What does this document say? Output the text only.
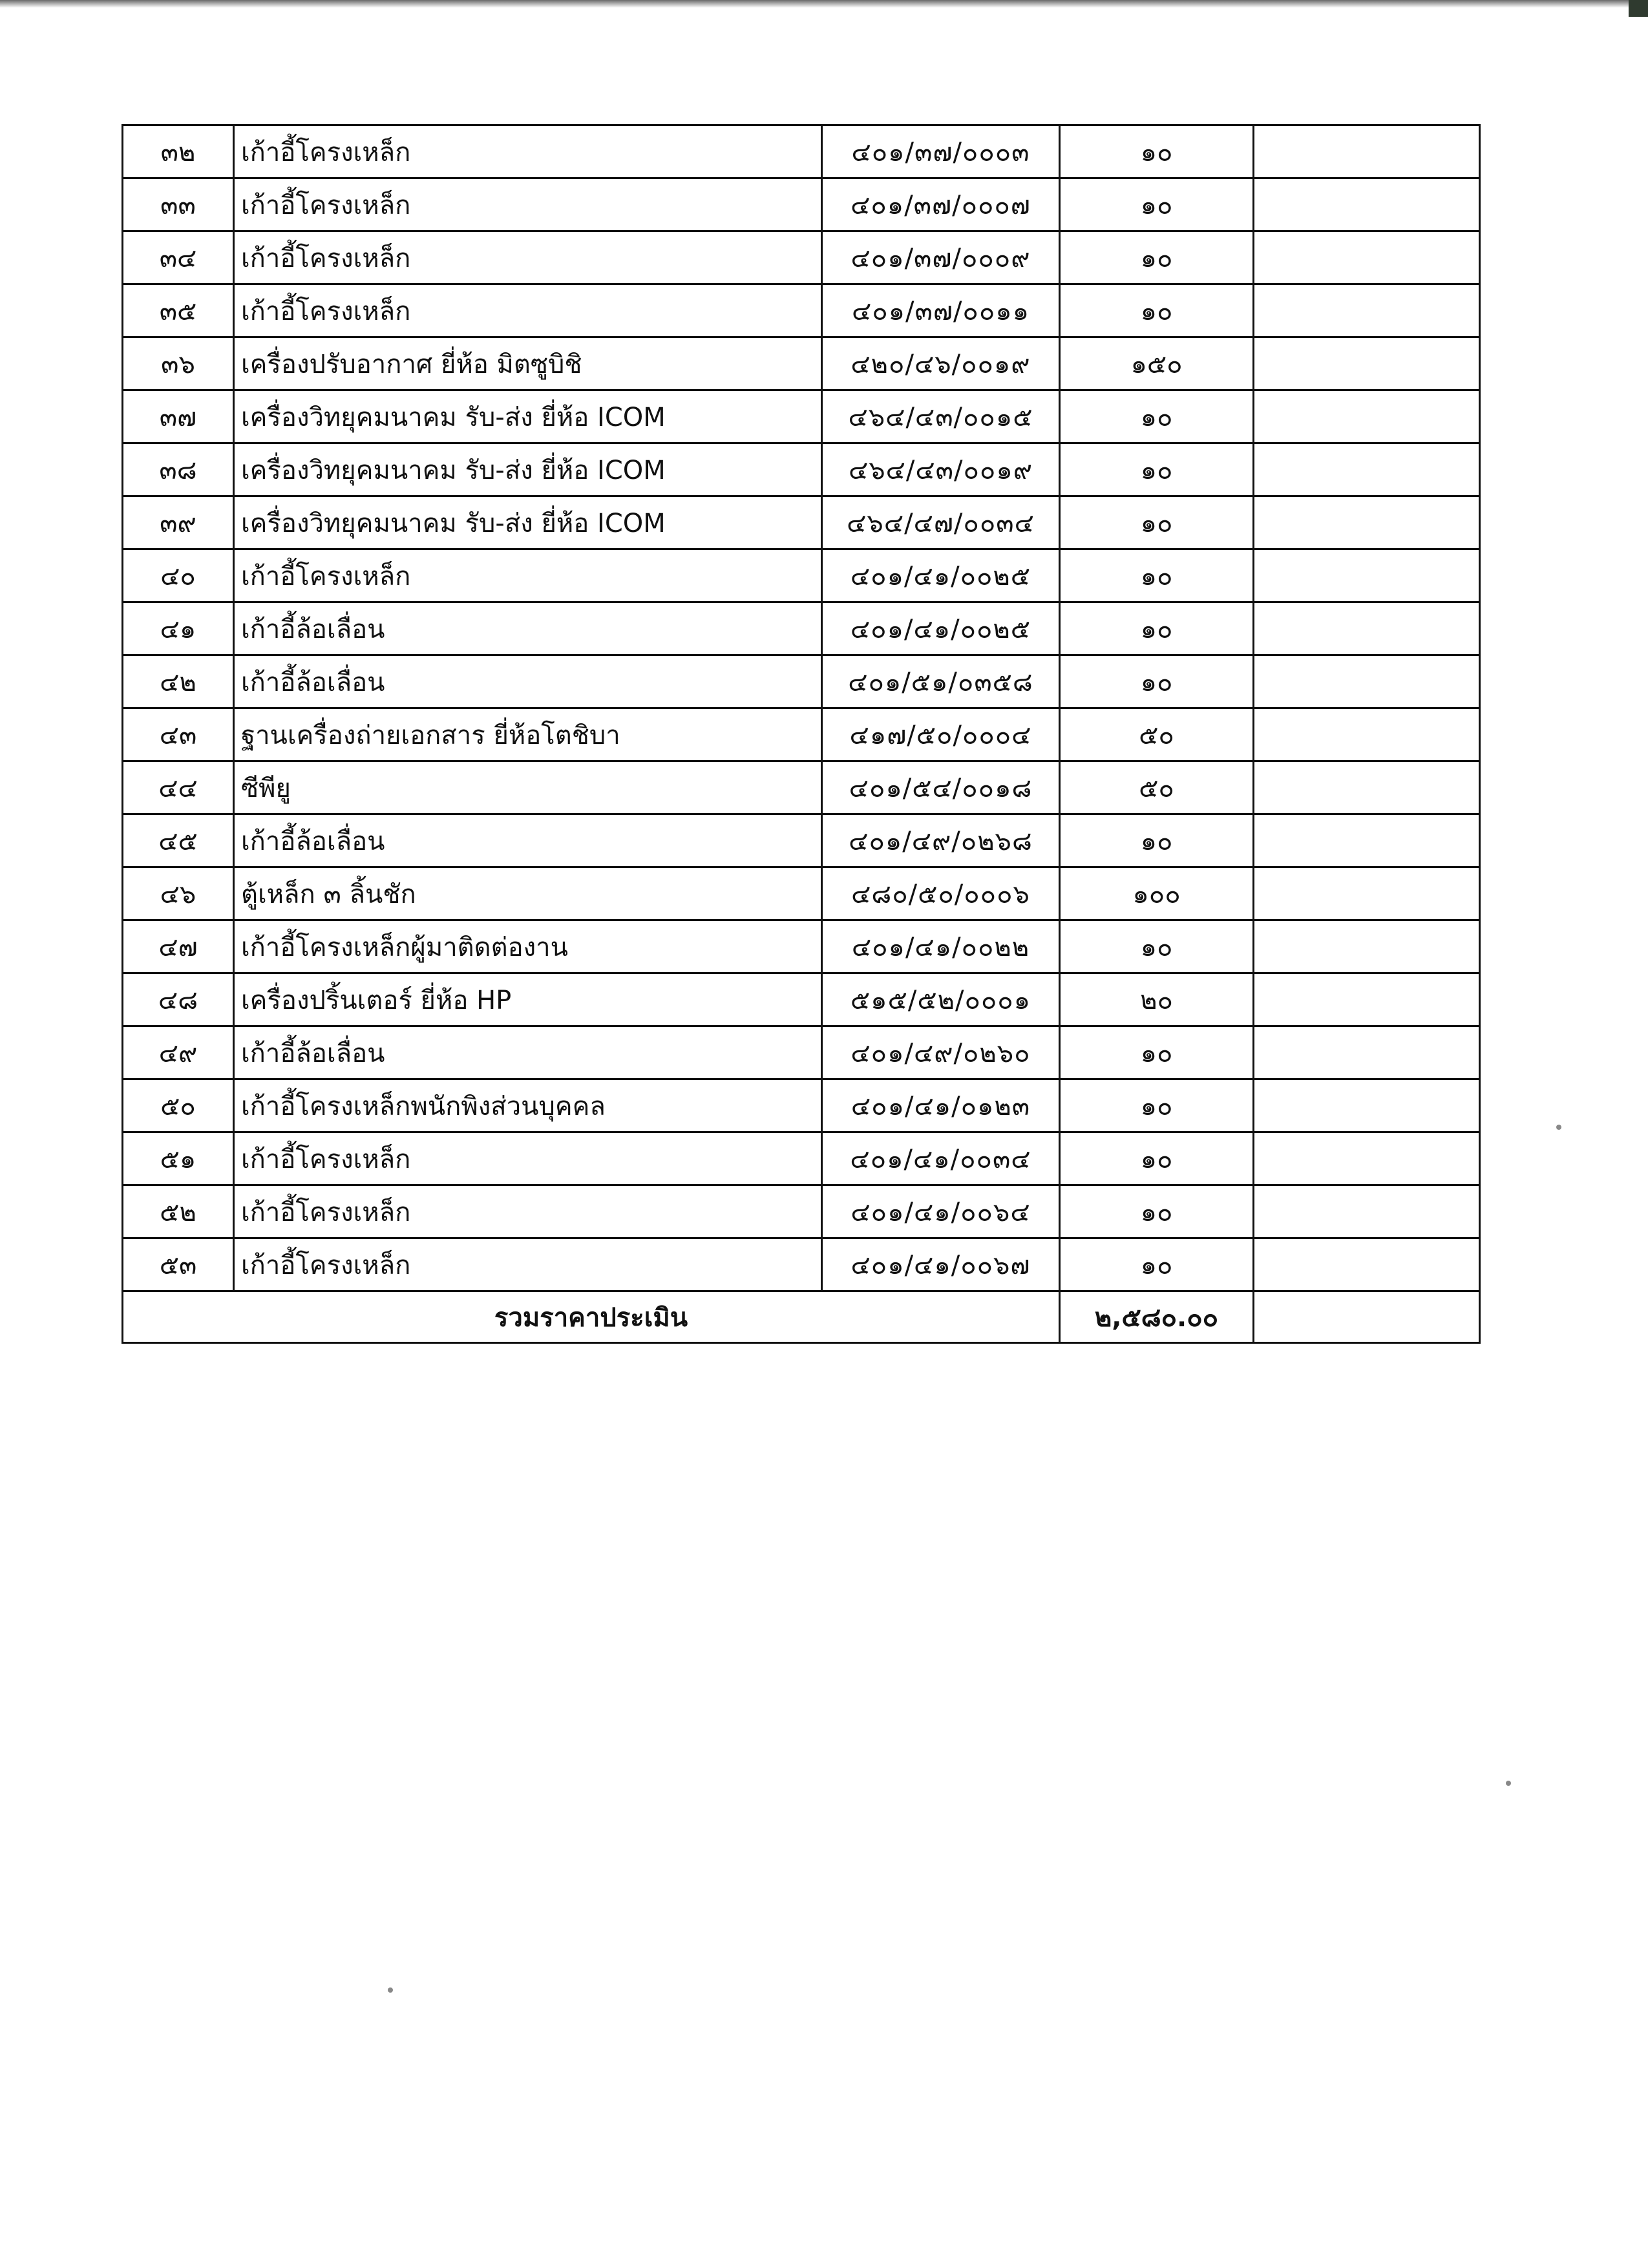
๓๒	เก้าอี้โครงเหล็ก	๔๐๑/๓๗/๐๐๐๓	๑๐	
๓๓	เก้าอี้โครงเหล็ก	๔๐๑/๓๗/๐๐๐๗	๑๐	
๓๔	เก้าอี้โครงเหล็ก	๔๐๑/๓๗/๐๐๐๙	๑๐	
๓๕	เก้าอี้โครงเหล็ก	๔๐๑/๓๗/๐๐๑๑	๑๐	
๓๖	เครื่องปรับอากาศ ยี่ห้อ มิตซูบิชิ	๔๒๐/๔๖/๐๐๑๙	๑๕๐	
๓๗	เครื่องวิทยุคมนาคม รับ-ส่ง ยี่ห้อ ICOM	๔๖๔/๔๓/๐๐๑๕	๑๐	
๓๘	เครื่องวิทยุคมนาคม รับ-ส่ง ยี่ห้อ ICOM	๔๖๔/๔๓/๐๐๑๙	๑๐	
๓๙	เครื่องวิทยุคมนาคม รับ-ส่ง ยี่ห้อ ICOM	๔๖๔/๔๗/๐๐๓๔	๑๐	
๔๐	เก้าอี้โครงเหล็ก	๔๐๑/๔๑/๐๐๒๕	๑๐	
๔๑	เก้าอี้ล้อเลื่อน	๔๐๑/๔๑/๐๐๒๕	๑๐	
๔๒	เก้าอี้ล้อเลื่อน	๔๐๑/๕๑/๐๓๕๘	๑๐	
๔๓	ฐานเครื่องถ่ายเอกสาร ยี่ห้อโตชิบา	๔๑๗/๕๐/๐๐๐๔	๕๐	
๔๔	ซีพียู	๔๐๑/๕๔/๐๐๑๘	๕๐	
๔๕	เก้าอี้ล้อเลื่อน	๔๐๑/๔๙/๐๒๖๘	๑๐	
๔๖	ตู้เหล็ก ๓ ลิ้นชัก	๔๘๐/๕๐/๐๐๐๖	๑๐๐	
๔๗	เก้าอี้โครงเหล็กผู้มาติดต่องาน	๔๐๑/๔๑/๐๐๒๒	๑๐	
๔๘	เครื่องปริ้นเตอร์ ยี่ห้อ HP	๕๑๕/๕๒/๐๐๐๑	๒๐	
๔๙	เก้าอี้ล้อเลื่อน	๔๐๑/๔๙/๐๒๖๐	๑๐	
๕๐	เก้าอี้โครงเหล็กพนักพิงส่วนบุคคล	๔๐๑/๔๑/๐๑๒๓	๑๐	
๕๑	เก้าอี้โครงเหล็ก	๔๐๑/๔๑/๐๐๓๔	๑๐	
๕๒	เก้าอี้โครงเหล็ก	๔๐๑/๔๑/๐๐๖๔	๑๐	
๕๓	เก้าอี้โครงเหล็ก	๔๐๑/๔๑/๐๐๖๗	๑๐	
รวมราคาประเมิน			๒,๕๘๐.๐๐	
